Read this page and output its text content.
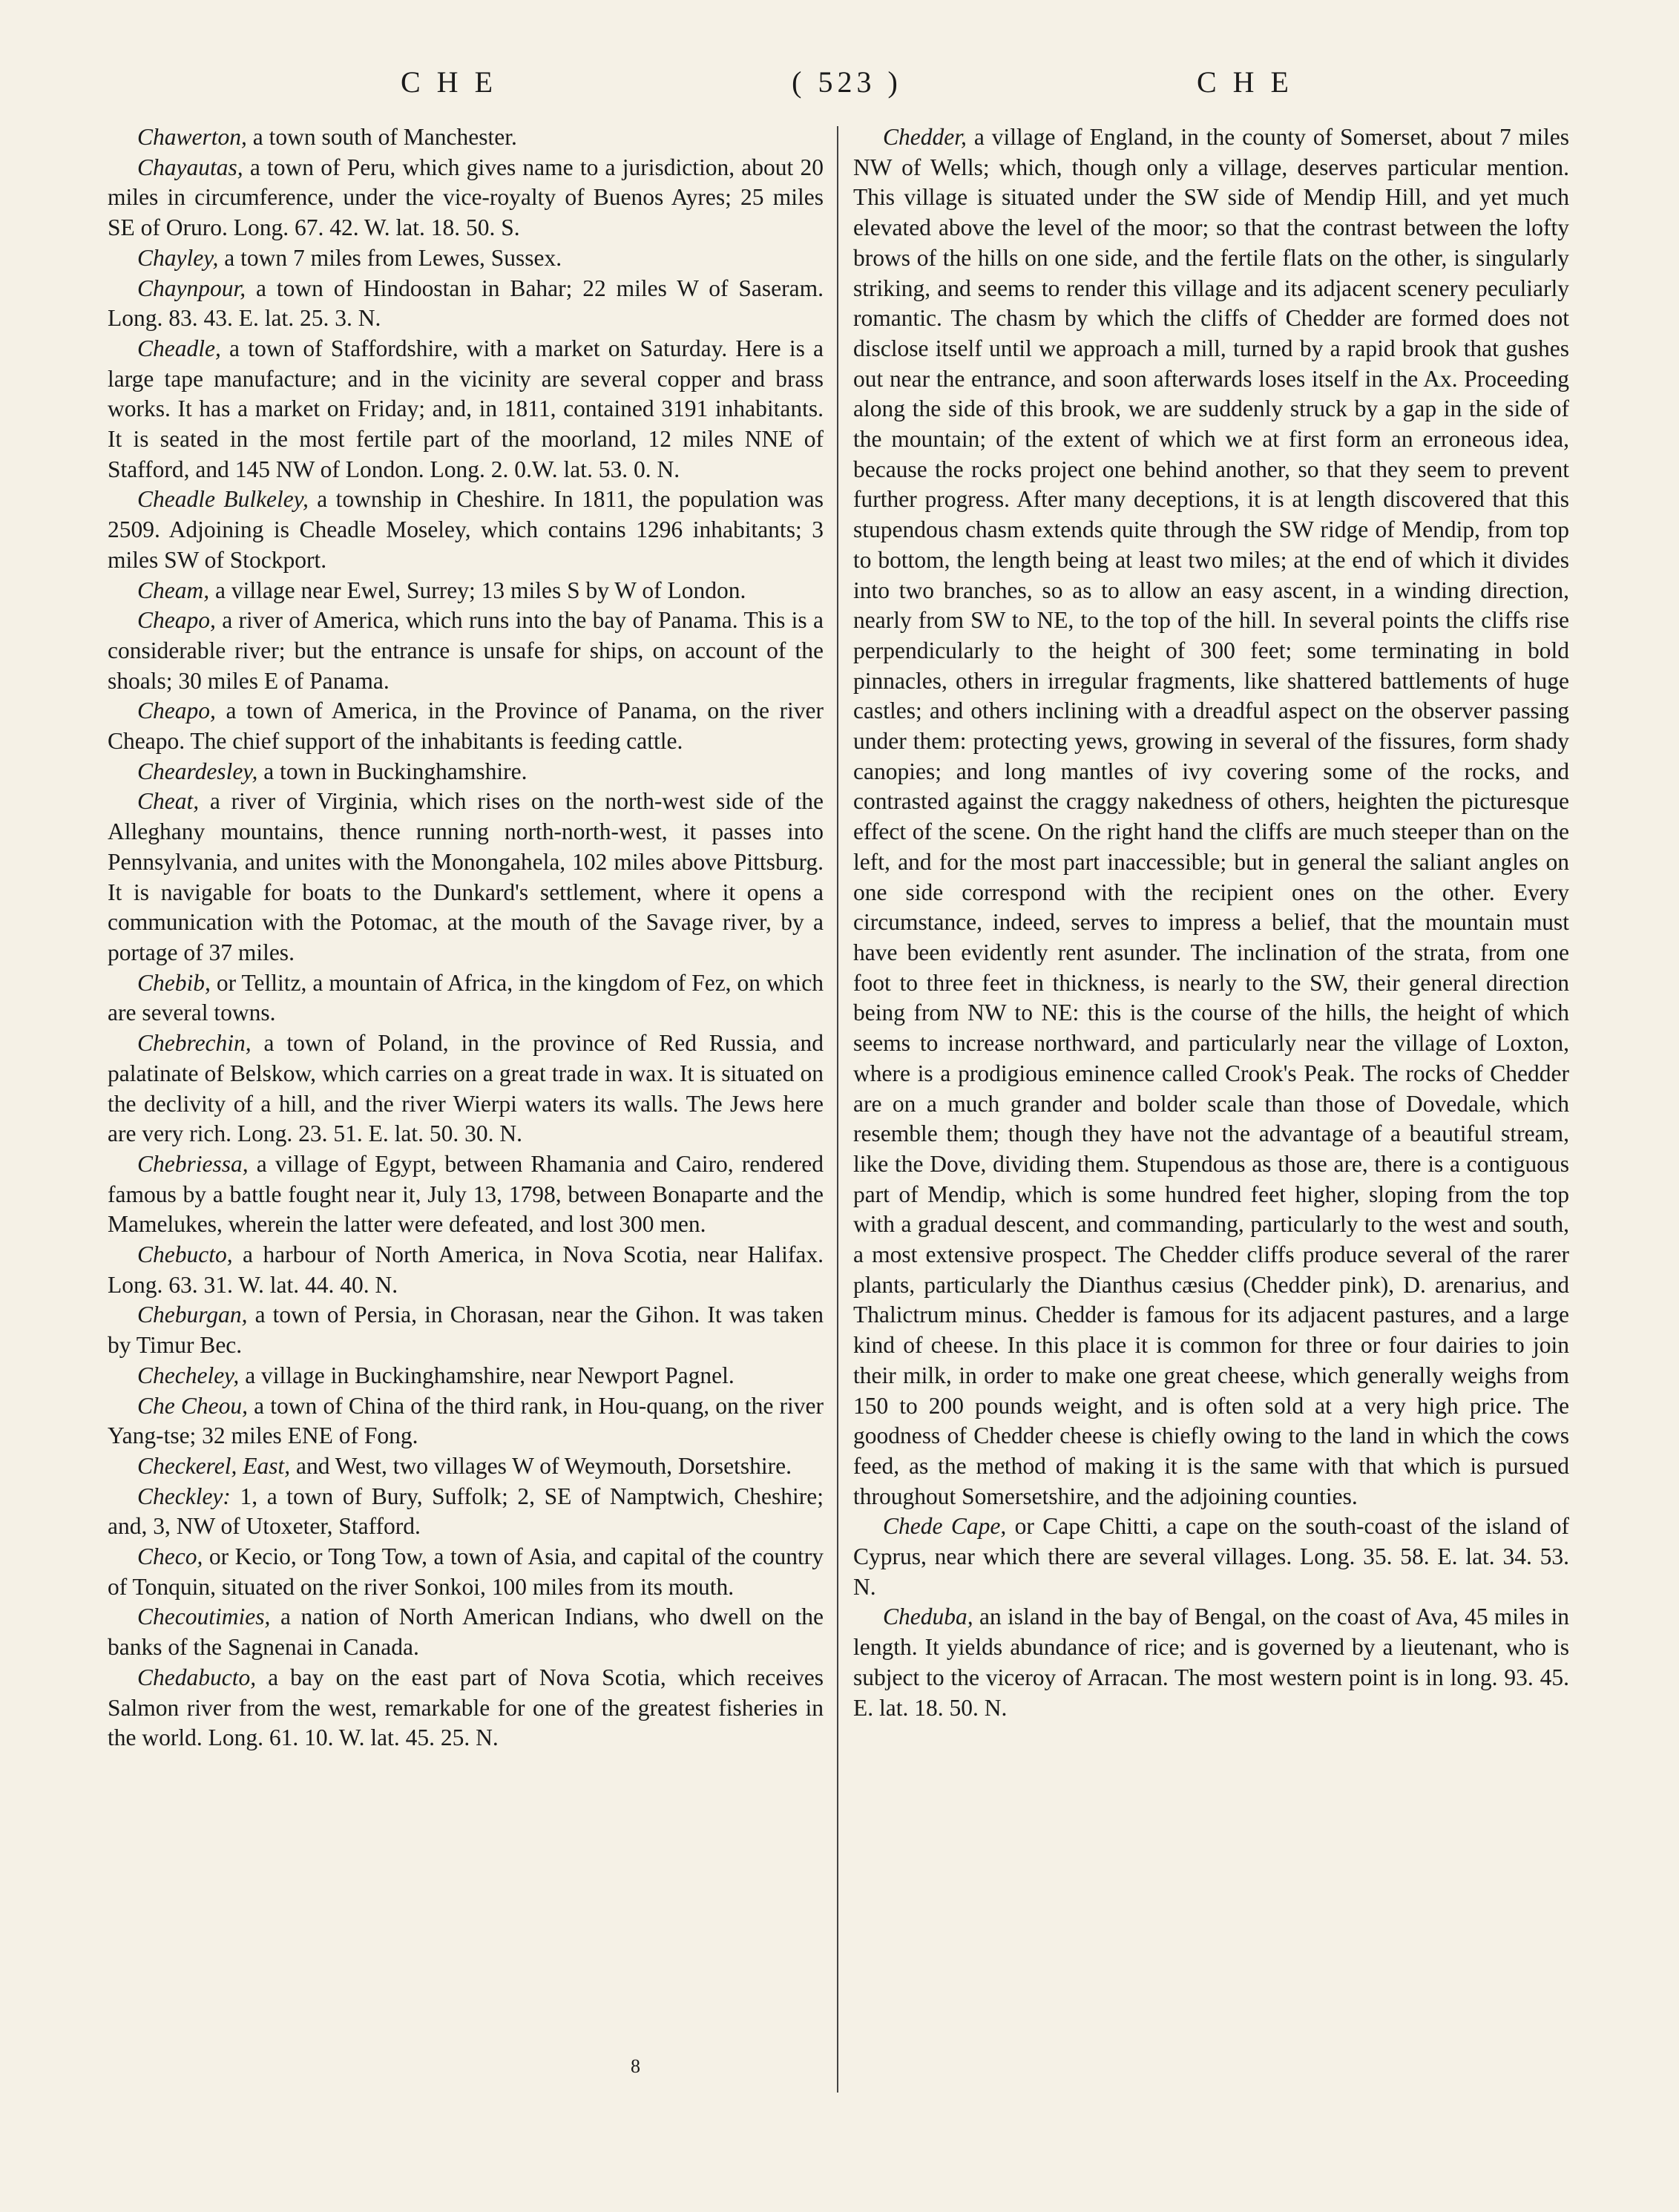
C H E	( 523 )	C H E

Chawerton, a town south of Manchester.

Chayautas, a town of Peru, which gives name to a jurisdiction, about 20 miles in circumference, under the vice-royalty of Buenos Ayres; 25 miles SE of Oruro. Long. 67. 42. W. lat. 18. 50. S.

Chayley, a town 7 miles from Lewes, Sussex.

Chaynpour, a town of Hindoostan in Bahar; 22 miles W of Saseram. Long. 83. 43. E. lat. 25. 3. N.

Cheadle, a town of Staffordshire, with a market on Saturday. Here is a large tape manufacture; and in the vicinity are several copper and brass works. It has a market on Friday; and, in 1811, contained 3191 inhabitants. It is seated in the most fertile part of the moorland, 12 miles NNE of Stafford, and 145 NW of London. Long. 2. 0.W. lat. 53. 0. N.

Cheadle Bulkeley, a township in Cheshire. In 1811, the population was 2509. Adjoining is Cheadle Moseley, which contains 1296 inhabitants; 3 miles SW of Stockport.

Cheam, a village near Ewel, Surrey; 13 miles S by W of London.

Cheapo, a river of America, which runs into the bay of Panama. This is a considerable river; but the entrance is unsafe for ships, on account of the shoals; 30 miles E of Panama.

Cheapo, a town of America, in the Province of Panama, on the river Cheapo. The chief support of the inhabitants is feeding cattle.

Cheardesley, a town in Buckinghamshire.

Cheat, a river of Virginia, which rises on the north-west side of the Alleghany mountains, thence running north-north-west, it passes into Pennsylvania, and unites with the Monongahela, 102 miles above Pittsburg. It is navigable for boats to the Dunkard's settlement, where it opens a communication with the Potomac, at the mouth of the Savage river, by a portage of 37 miles.

Chebib, or Tellitz, a mountain of Africa, in the kingdom of Fez, on which are several towns.

Chebrechin, a town of Poland, in the province of Red Russia, and palatinate of Belskow, which carries on a great trade in wax. It is situated on the declivity of a hill, and the river Wierpi waters its walls. The Jews here are very rich. Long. 23. 51. E. lat. 50. 30. N.

Chebriessa, a village of Egypt, between Rhamania and Cairo, rendered famous by a battle fought near it, July 13, 1798, between Bonaparte and the Mamelukes, wherein the latter were defeated, and lost 300 men.

Chebucto, a harbour of North America, in Nova Scotia, near Halifax. Long. 63. 31. W. lat. 44. 40. N.

Cheburgan, a town of Persia, in Chorasan, near the Gihon. It was taken by Timur Bec.

Checheley, a village in Buckinghamshire, near Newport Pagnel.

Che Cheou, a town of China of the third rank, in Hou-quang, on the river Yang-tse; 32 miles ENE of Fong.

Checkerel, East, and West, two villages W of Weymouth, Dorsetshire.

Checkley: 1, a town of Bury, Suffolk; 2, SE of Namptwich, Cheshire; and, 3, NW of Utoxeter, Stafford.

Checo, or Kecio, or Tong Tow, a town of Asia, and capital of the country of Tonquin, situated on the river Sonkoi, 100 miles from its mouth.

Checoutimies, a nation of North American Indians, who dwell on the banks of the Sagnenai in Canada.

Chedabucto, a bay on the east part of Nova Scotia, which receives Salmon river from the west, remarkable for one of the greatest fisheries in the world. Long. 61. 10. W. lat. 45. 25. N.

Chedder, a village of England, in the county of Somerset, about 7 miles NW of Wells; which, though only a village, deserves particular mention. This village is situated under the SW side of Mendip Hill, and yet much elevated above the level of the moor; so that the contrast between the lofty brows of the hills on one side, and the fertile flats on the other, is singularly striking, and seems to render this village and its adjacent scenery peculiarly romantic. The chasm by which the cliffs of Chedder are formed does not disclose itself until we approach a mill, turned by a rapid brook that gushes out near the entrance, and soon afterwards loses itself in the Ax. Proceeding along the side of this brook, we are suddenly struck by a gap in the side of the mountain; of the extent of which we at first form an erroneous idea, because the rocks project one behind another, so that they seem to prevent further progress. After many deceptions, it is at length discovered that this stupendous chasm extends quite through the SW ridge of Mendip, from top to bottom, the length being at least two miles; at the end of which it divides into two branches, so as to allow an easy ascent, in a winding direction, nearly from SW to NE, to the top of the hill. In several points the cliffs rise perpendicularly to the height of 300 feet; some terminating in bold pinnacles, others in irregular fragments, like shattered battlements of huge castles; and others inclining with a dreadful aspect on the observer passing under them: protecting yews, growing in several of the fissures, form shady canopies; and long mantles of ivy covering some of the rocks, and contrasted against the craggy nakedness of others, heighten the picturesque effect of the scene. On the right hand the cliffs are much steeper than on the left, and for the most part inaccessible; but in general the saliant angles on one side correspond with the recipient ones on the other. Every circumstance, indeed, serves to impress a belief, that the mountain must have been evidently rent asunder. The inclination of the strata, from one foot to three feet in thickness, is nearly to the SW, their general direction being from NW to NE: this is the course of the hills, the height of which seems to increase northward, and particularly near the village of Loxton, where is a prodigious eminence called Crook's Peak. The rocks of Chedder are on a much grander and bolder scale than those of Dovedale, which resemble them; though they have not the advantage of a beautiful stream, like the Dove, dividing them. Stupendous as those are, there is a contiguous part of Mendip, which is some hundred feet higher, sloping from the top with a gradual descent, and commanding, particularly to the west and south, a most extensive prospect. The Chedder cliffs produce several of the rarer plants, particularly the Dianthus cæsius (Chedder pink), D. arenarius, and Thalictrum minus. Chedder is famous for its adjacent pastures, and a large kind of cheese. In this place it is common for three or four dairies to join their milk, in order to make one great cheese, which generally weighs from 150 to 200 pounds weight, and is often sold at a very high price. The goodness of Chedder cheese is chiefly owing to the land in which the cows feed, as the method of making it is the same with that which is pursued throughout Somersetshire, and the adjoining counties.

Chede Cape, or Cape Chitti, a cape on the south-coast of the island of Cyprus, near which there are several villages. Long. 35. 58. E. lat. 34. 53. N.

Cheduba, an island in the bay of Bengal, on the coast of Ava, 45 miles in length. It yields abundance of rice; and is governed by a lieutenant, who is subject to the viceroy of Arracan. The most western point is in long. 93. 45. E. lat. 18. 50. N.

8
